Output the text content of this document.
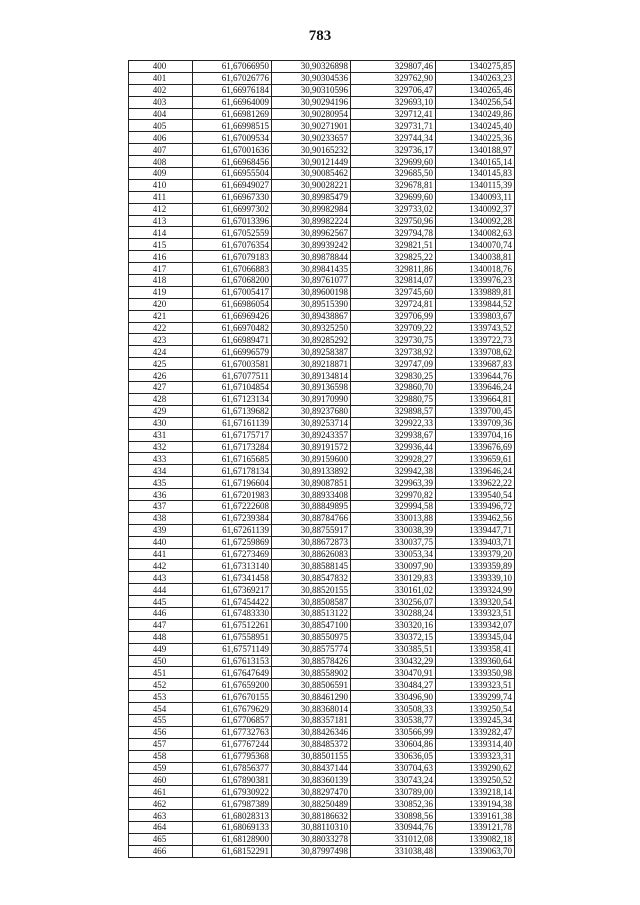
783
400	61,67066950	30,90326898	329807,46	1340275,85
401	61,67026776	30,90304536	329762,90	1340263,23
402	61,66976184	30,90310596	329706,47	1340265,46
403	61,66964009	30,90294196	329693,10	1340256,54
404	61,66981269	30,90280954	329712,41	1340249,86
405	61,66998515	30,90271901	329731,71	1340245,40
406	61,67009534	30,90233657	329744,34	1340225,36
407	61,67001636	30,90165232	329736,17	1340188,97
408	61,66968456	30,90121449	329699,60	1340165,14
409	61,66955504	30,90085462	329685,50	1340145,83
410	61,66949027	30,90028221	329678,81	1340115,39
411	61,66967330	30,89985479	329699,60	1340093,11
412	61,66997302	30,89982984	329733,02	1340092,37
413	61,67013396	30,89982224	329750,96	1340092,28
414	61,67052559	30,89962567	329794,78	1340082,63
415	61,67076354	30,89939242	329821,51	1340070,74
416	61,67079183	30,89878844	329825,22	1340038,81
417	61,67066883	30,89841435	329811,86	1340018,76
418	61,67068200	30,89761077	329814,07	1339976,23
419	61,67005417	30,89600198	329745,60	1339889,81
420	61,66986054	30,89515390	329724,81	1339844,52
421	61,66969426	30,89438867	329706,99	1339803,67
422	61,66970482	30,89325250	329709,22	1339743,52
423	61,66989471	30,89285292	329730,75	1339722,73
424	61,66996579	30,89258387	329738,92	1339708,62
425	61,67003581	30,89218871	329747,09	1339687,83
426	61,67077511	30,89134814	329830,25	1339644,76
427	61,67104854	30,89136598	329860,70	1339646,24
428	61,67123134	30,89170990	329880,75	1339664,81
429	61,67139682	30,89237680	329898,57	1339700,45
430	61,67161139	30,89253714	329922,33	1339709,36
431	61,67175717	30,89243357	329938,67	1339704,16
432	61,67173284	30,89191572	329936,44	1339676,69
433	61,67165685	30,89159600	329928,27	1339659,61
434	61,67178134	30,89133892	329942,38	1339646,24
435	61,67196604	30,89087851	329963,39	1339622,22
436	61,67201983	30,88933408	329970,82	1339540,54
437	61,67222608	30,88849895	329994,58	1339496,72
438	61,67239384	30,88784766	330013,88	1339462,56
439	61,67261139	30,88755917	330038,39	1339447,71
440	61,67259869	30,88672873	330037,75	1339403,71
441	61,67273469	30,88626083	330053,34	1339379,20
442	61,67313140	30,88588145	330097,90	1339359,89
443	61,67341458	30,88547832	330129,83	1339339,10
444	61,67369217	30,88520155	330161,02	1339324,99
445	61,67454422	30,88508587	330256,07	1339320,54
446	61,67483330	30,88513122	330288,24	1339323,51
447	61,67512261	30,88547100	330320,16	1339342,07
448	61,67558951	30,88550975	330372,15	1339345,04
449	61,67571149	30,88575774	330385,51	1339358,41
450	61,67613153	30,88578426	330432,29	1339360,64
451	61,67647649	30,88558902	330470,91	1339350,98
452	61,67659200	30,88506591	330484,27	1339323,51
453	61,67670155	30,88461290	330496,90	1339299,74
454	61,67679629	30,88368014	330508,33	1339250,54
455	61,67706857	30,88357181	330538,77	1339245,34
456	61,67732763	30,88426346	330566,99	1339282,47
457	61,67767244	30,88485372	330604,86	1339314,40
458	61,67795368	30,88501155	330636,05	1339323,31
459	61,67856377	30,88437144	330704,63	1339290,62
460	61,67890381	30,88360139	330743,24	1339250,52
461	61,67930922	30,88297470	330789,00	1339218,14
462	61,67987389	30,88250489	330852,36	1339194,38
463	61,68028313	30,88186632	330898,56	1339161,38
464	61,68069133	30,88110310	330944,76	1339121,78
465	61,68128900	30,88033278	331012,08	1339082,18
466	61,68152291	30,87997498	331038,48	1339063,70
